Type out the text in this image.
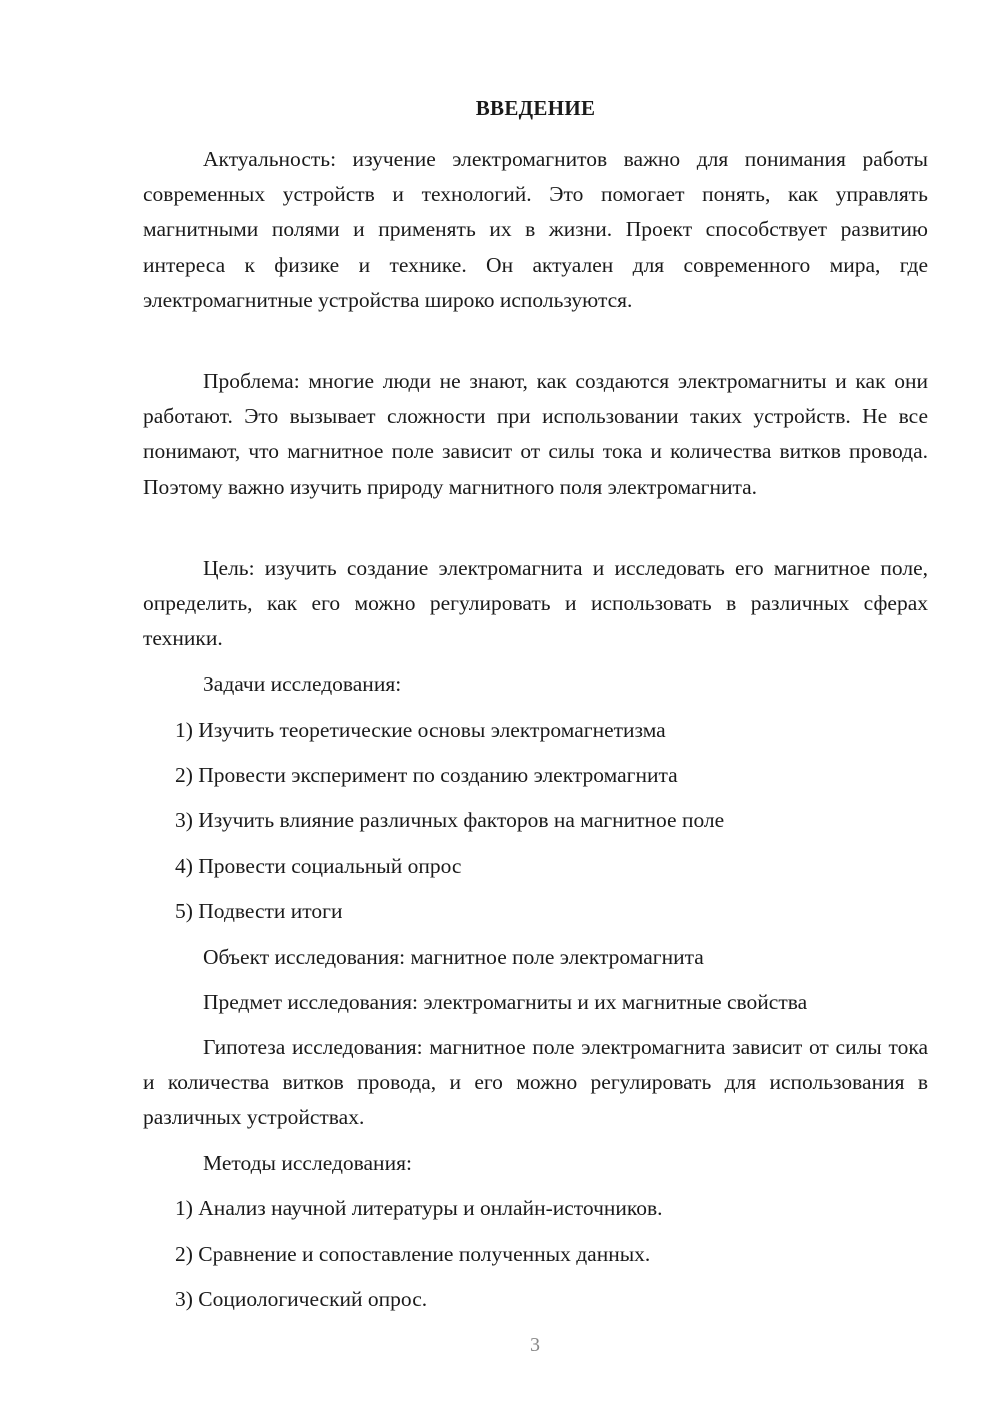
ВВЕДЕНИЕ

Актуальность: изучение электромагнитов важно для понимания работы современных устройств и технологий. Это помогает понять, как управлять магнитными полями и применять их в жизни. Проект способствует развитию интереса к физике и технике. Он актуален для современного мира, где электромагнитные устройства широко используются.

Проблема: многие люди не знают, как создаются электромагниты и как они работают. Это вызывает сложности при использовании таких устройств. Не все понимают, что магнитное поле зависит от силы тока и количества витков провода. Поэтому важно изучить природу магнитного поля электромагнита.

Цель: изучить создание электромагнита и исследовать его магнитное поле, определить, как его можно регулировать и использовать в различных сферах техники.

Задачи исследования:
1) Изучить теоретические основы электромагнетизма
2) Провести эксперимент по созданию электромагнита
3) Изучить влияние различных факторов на магнитное поле
4) Провести социальный опрос
5) Подвести итоги
Объект исследования: магнитное поле электромагнита
Предмет исследования: электромагниты и их магнитные свойства

Гипотеза исследования: магнитное поле электромагнита зависит от силы тока и количества витков провода, и его можно регулировать для использования в различных устройствах.

Методы исследования:
1) Анализ научной литературы и онлайн-источников.
2) Сравнение и сопоставление полученных данных.
3) Социологический опрос.
3
